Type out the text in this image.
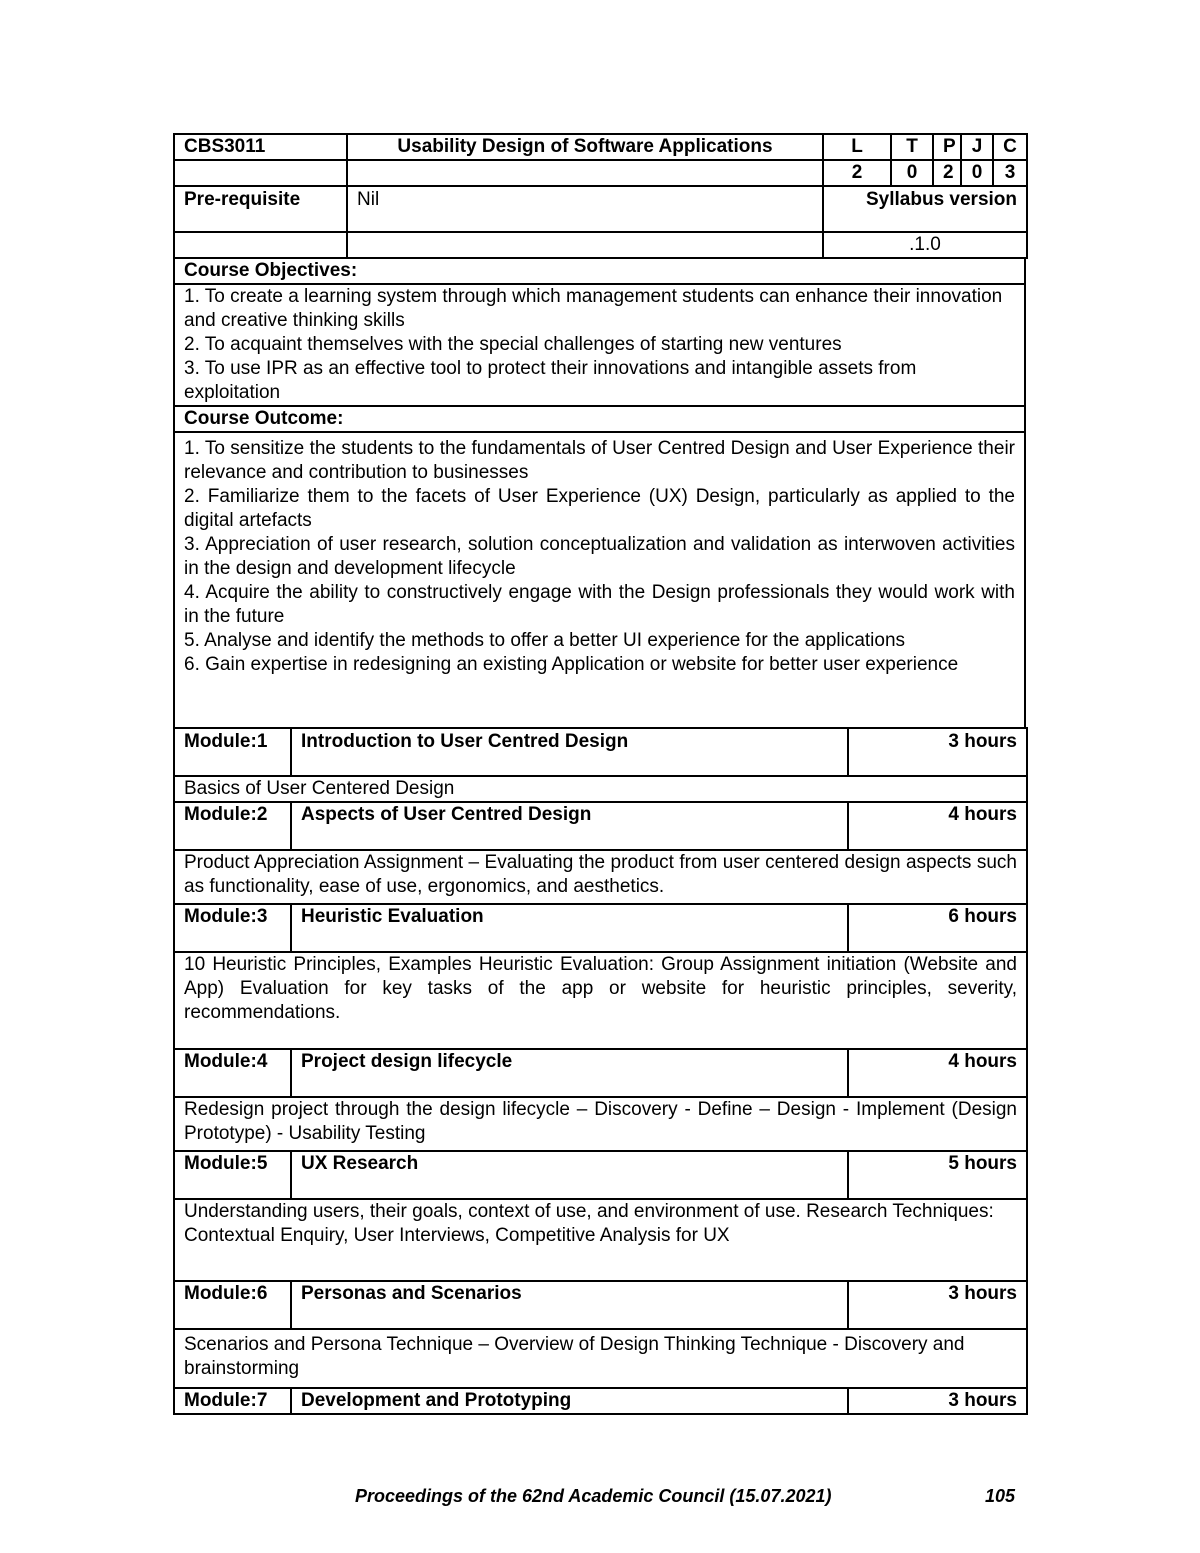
CBS3011	Usability Design of Software Applications	L	T	P	J	C
		2	0	2	0	3
Pre-requisite	Nil	Syllabus version				
		.1.0				
Course Objectives:

1. To create a learning system through which management students can enhance their innovation and creative thinking skills
2. To acquaint themselves with the special challenges of starting new ventures
3. To use IPR as an effective tool to protect their innovations and intangible assets from exploitation

Course Outcome:

1. To sensitize the students to the fundamentals of User Centred Design and User Experience their relevance and contribution to businesses
2. Familiarize them to the facets of User Experience (UX) Design, particularly as applied to the digital artefacts
3. Appreciation of user research, solution conceptualization and validation as interwoven activities in the design and development lifecycle
4. Acquire the ability to constructively engage with the Design professionals they would work with in the future
5. Analyse and identify the methods to offer a better UI experience for the applications
6. Gain expertise in redesigning an existing Application or website for better user experience
Module:1	Introduction to User Centred Design	3 hours

Basics of User Centered Design		

Module:2	Aspects of User Centred Design	4 hours

Product Appreciation Assignment – Evaluating the product from user centered design aspects such as functionality, ease of use, ergonomics, and aesthetics.		

Module:3	Heuristic Evaluation	6 hours

10 Heuristic Principles, Examples Heuristic Evaluation: Group Assignment initiation (Website and App) Evaluation for key tasks of the app or website for heuristic principles, severity, recommendations.		

Module:4	Project design lifecycle	4 hours

Redesign project through the design lifecycle – Discovery - Define – Design - Implement (Design Prototype) - Usability Testing		

Module:5	UX Research	5 hours

Understanding users, their goals, context of use, and environment of use. Research Techniques:
Contextual Enquiry, User Interviews, Competitive Analysis for UX		

Module:6	Personas and Scenarios	3 hours

Scenarios and Persona Technique – Overview of Design Thinking Technique - Discovery and brainstorming		

Module:7	Development and Prototyping	3 hours
Proceedings of the 62nd Academic Council (15.07.2021)	105
